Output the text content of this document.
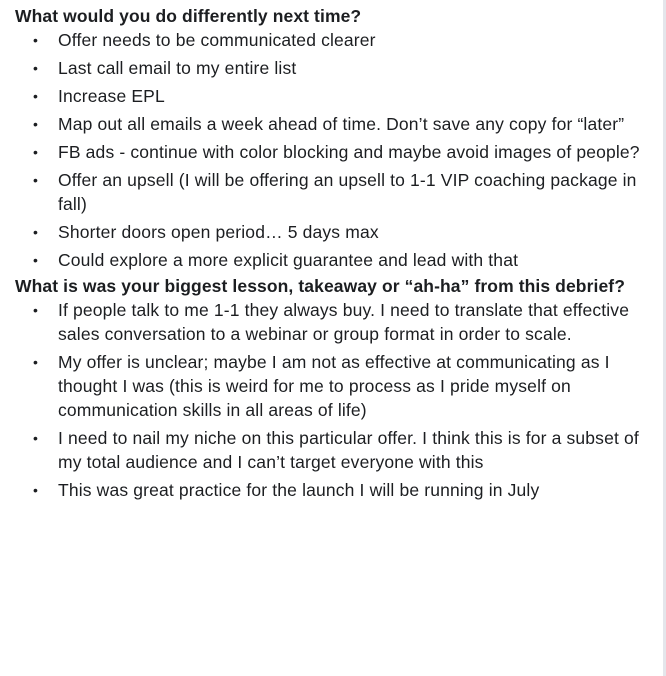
What would you do differently next time?
• Offer needs to be communicated clearer
• Last call email to my entire list
• Increase EPL
• Map out all emails a week ahead of time. Don’t save any copy for “later”
• FB ads - continue with color blocking and maybe avoid images of people?
• Offer an upsell (I will be offering an upsell to 1-1 VIP coaching package in fall)
• Shorter doors open period… 5 days max
• Could explore a more explicit guarantee and lead with that
What is was your biggest lesson, takeaway or “ah-ha” from this debrief?
• If people talk to me 1-1 they always buy. I need to translate that effective sales conversation to a webinar or group format in order to scale.
• My offer is unclear; maybe I am not as effective at communicating as I thought I was (this is weird for me to process as I pride myself on communication skills in all areas of life)
• I need to nail my niche on this particular offer. I think this is for a subset of my total audience and I can’t target everyone with this
• This was great practice for the launch I will be running in July
